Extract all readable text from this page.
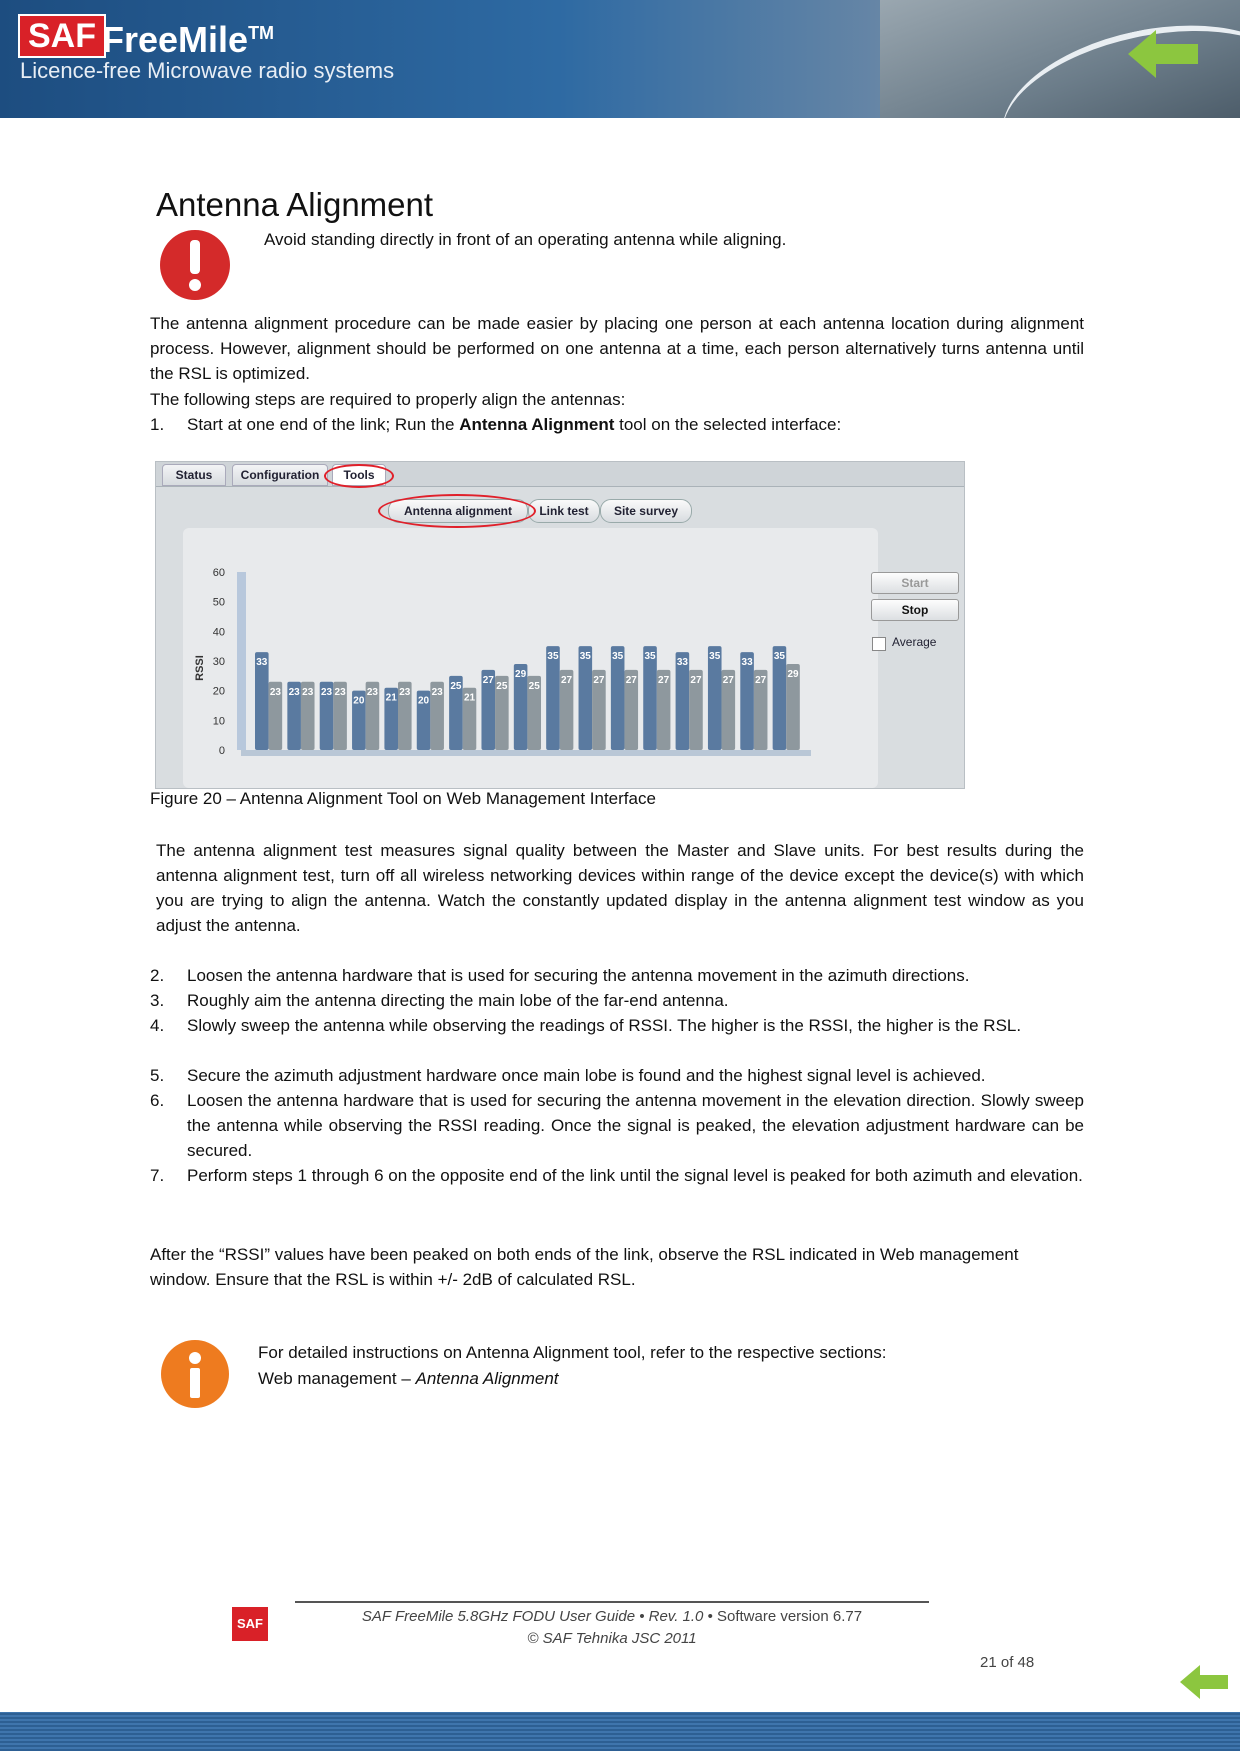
SAF FreeMile™
Licence-free Microwave radio systems
Antenna Alignment
Avoid standing directly in front of an operating antenna while aligning.
The antenna alignment procedure can be made easier by placing one person at each antenna location during alignment process. However, alignment should be performed on one antenna at a time, each person alternatively turns antenna until the RSL is optimized.
The following steps are required to properly align the antennas:
1.	Start at one end of the link; Run the Antenna Alignment tool on the selected interface:
Status	Configuration	Tools
Antenna alignment	Link test	Site survey
0
10
20
30
40
50
60
RSSI	33
23 23
20 21 20
25
27
29
35 35 35 35
33
35
33
35
23 23 23 23 23 23
21
25 25
27 27 27 27 27 27 27
29
Start
Stop
Average
Figure 20 – Antenna Alignment Tool on Web Management Interface
The antenna alignment test measures signal quality between the Master and Slave units. For best results during the antenna alignment test, turn off all wireless networking devices within range of the device except the device(s) with which you are trying to align the antenna. Watch the constantly updated display in the antenna alignment test window as you adjust the antenna.
2.	Loosen the antenna hardware that is used for securing the antenna movement in the azimuth directions.
3.	Roughly aim the antenna directing the main lobe of the far-end antenna.
4.	Slowly sweep the antenna while observing the readings of RSSI. The higher is the RSSI, the higher is the RSL.
5.	Secure the azimuth adjustment hardware once main lobe is found and the highest signal level is achieved.
6.	Loosen the antenna hardware that is used for securing the antenna movement in the elevation direction. Slowly sweep the antenna while observing the RSSI reading. Once the signal is peaked, the elevation adjustment hardware can be secured.
7.	Perform steps 1 through 6 on the opposite end of the link until the signal level is peaked for both azimuth and elevation.
After the “RSSI” values have been peaked on both ends of the link, observe the RSL indicated in Web management window. Ensure that the RSL is within +/- 2dB of calculated RSL.
For detailed instructions on Antenna Alignment tool, refer to the respective sections:
Web management – Antenna Alignment
SAF	SAF FreeMile 5.8GHz FODU User Guide • Rev. 1.0 • Software version 6.77
© SAF Tehnika JSC 2011
21 of 48
